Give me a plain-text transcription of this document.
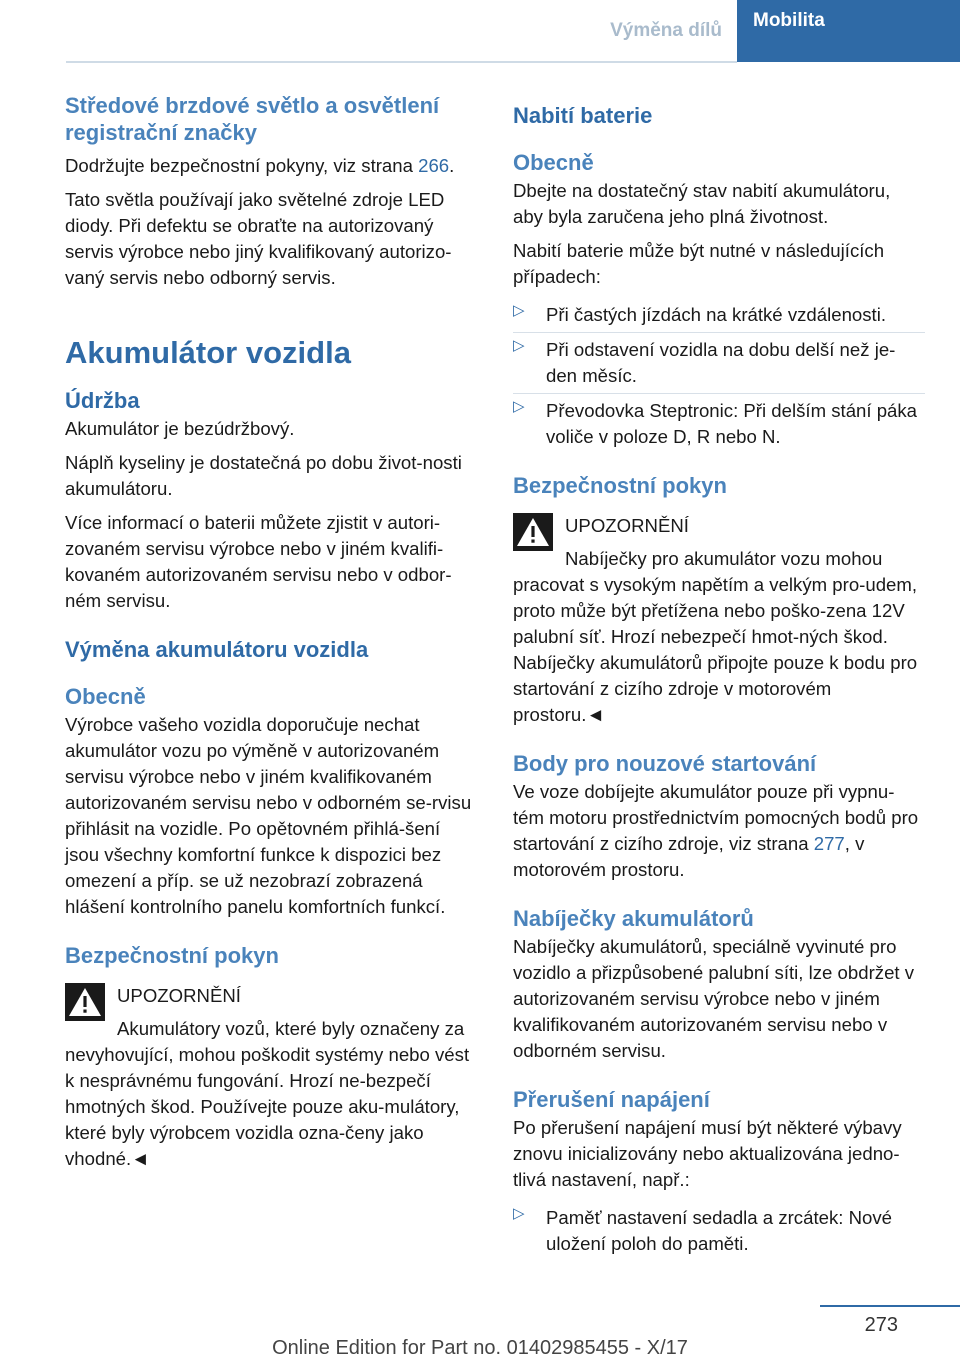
Výměna dílů	Mobilita
Středové brzdové světlo a osvětlení registrační značky

Dodržujte bezpečnostní pokyny, viz strana 266.

Tato světla používají jako světelné zdroje LED diody. Při defektu se obraťte na autorizovaný servis výrobce nebo jiný kvalifikovaný autorizo‐vaný servis nebo odborný servis.

Akumulátor vozidla
Údržba

Akumulátor je bezúdržbový.

Náplň kyseliny je dostatečná po dobu život‐nosti akumulátoru.

Více informací o baterii můžete zjistit v autori‐zovaném servisu výrobce nebo v jiném kvalifi‐kovaném autorizovaném servisu nebo v odbor‐ném servisu.

Výměna akumulátoru vozidla
Obecně

Výrobce vašeho vozidla doporučuje nechat akumulátor vozu po výměně v autorizovaném servisu výrobce nebo v jiném kvalifikovaném autorizovaném servisu nebo v odborném se‐rvisu přihlásit na vozidle. Po opětovném přihlá‐šení jsou všechny komfortní funkce k dispozici bez omezení a příp. se už nezobrazí zobrazená hlášení kontrolního panelu komfortních funkcí.

Bezpečnostní pokyn
UPOZORNĚNÍ

Akumulátory vozů, které byly označeny za nevyhovující, mohou poškodit systémy nebo vést k nesprávnému fungování. Hrozí ne‐bezpečí hmotných škod. Používejte pouze aku‐mulátory, které byly výrobcem vozidla ozna‐čeny jako vhodné.◄

Nabití baterie
Obecně

Dbejte na dostatečný stav nabití akumulátoru, aby byla zaručena jeho plná životnost.

Nabití baterie může být nutné v následujících případech:

▷ Při častých jízdách na krátké vzdálenosti.
▷ Při odstavení vozidla na dobu delší než je‐den měsíc.
▷ Převodovka Steptronic: Při delším stání páka voliče v poloze D, R nebo N.
Bezpečnostní pokyn
UPOZORNĚNÍ

Nabíječky pro akumulátor vozu mohou pracovat s vysokým napětím a velkým pro‐udem, proto může být přetížena nebo poško‐zena 12V palubní síť. Hrozí nebezpečí hmot‐ných škod. Nabíječky akumulátorů připojte pouze k bodu pro startování z cizího zdroje v motorovém prostoru.◄

Body pro nouzové startování

Ve voze dobíjejte akumulátor pouze při vypnu‐tém motoru prostřednictvím pomocných bodů pro startování z cizího zdroje, viz strana 277, v motorovém prostoru.

Nabíječky akumulátorů

Nabíječky akumulátorů, speciálně vyvinuté pro vozidlo a přizpůsobené palubní síti, lze obdržet v autorizovaném servisu výrobce nebo v jiném kvalifikovaném autorizovaném servisu nebo v odborném servisu.

Přerušení napájení

Po přerušení napájení musí být některé výbavy znovu inicializovány nebo aktualizována jedno‐tlivá nastavení, např.:

▷ Paměť nastavení sedadla a zrcátek: Nové uložení poloh do paměti.
273
Online Edition for Part no. 01402985455 - X/17
